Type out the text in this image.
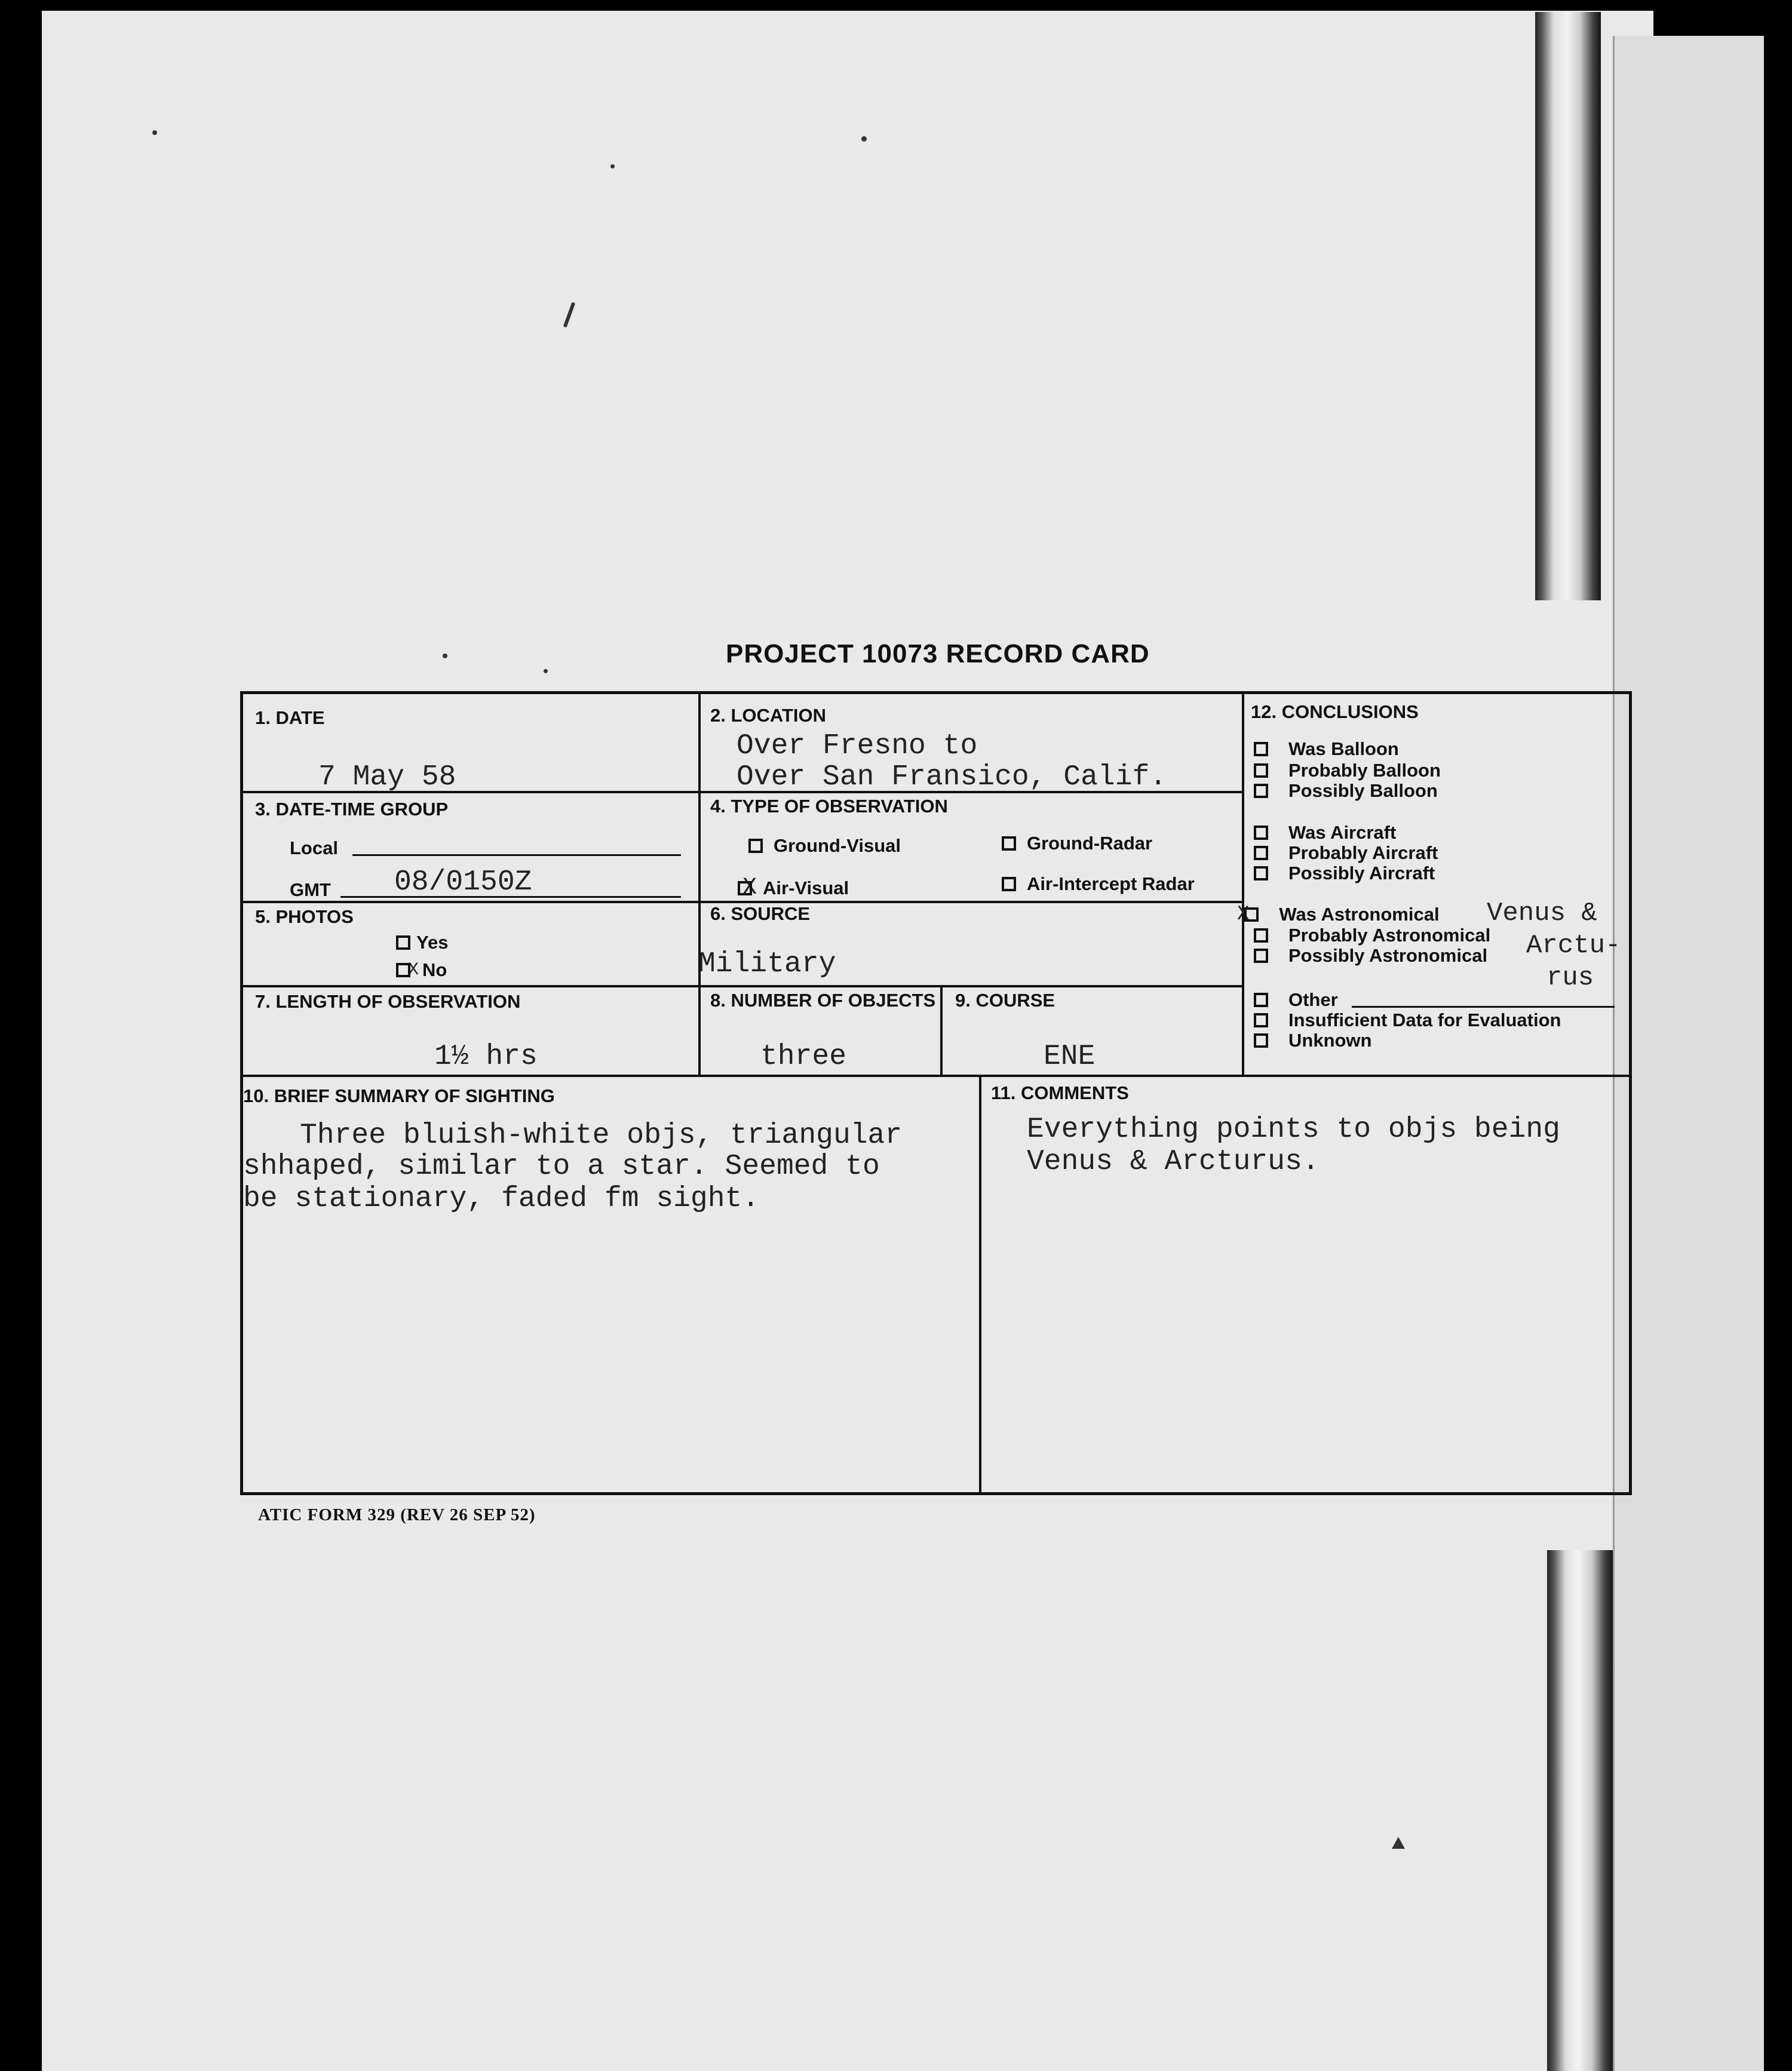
PROJECT 10073 RECORD CARD
1. DATE
7 May 58
2. LOCATION
Over Fresno to
Over San Fransico, Calif.
3. DATE-TIME GROUP
Local
GMT 08/0150Z
4. TYPE OF OBSERVATION
Ground-Visual	Ground-Radar
X Air-Visual	Air-Intercept Radar
5. PHOTOS
Yes
X No
6. SOURCE
Military
7. LENGTH OF OBSERVATION
1½ hrs
8. NUMBER OF OBJECTS
three
9. COURSE
ENE
10. BRIEF SUMMARY OF SIGHTING
Three bluish-white objs, triangular
shhaped, similar to a star. Seemed to
be stationary, faded fm sight.
11. COMMENTS
Everything points to objs being
Venus & Arcturus.
12. CONCLUSIONS
Was Balloon
Probably Balloon
Possibly Balloon
Was Aircraft
Probably Aircraft
Possibly Aircraft
X Was Astronomical
Probably Astronomical
Possibly Astronomical
Venus &
Arctu-
rus
Other
Insufficient Data for Evaluation
Unknown
ATIC FORM 329 (REV 26 SEP 52)
